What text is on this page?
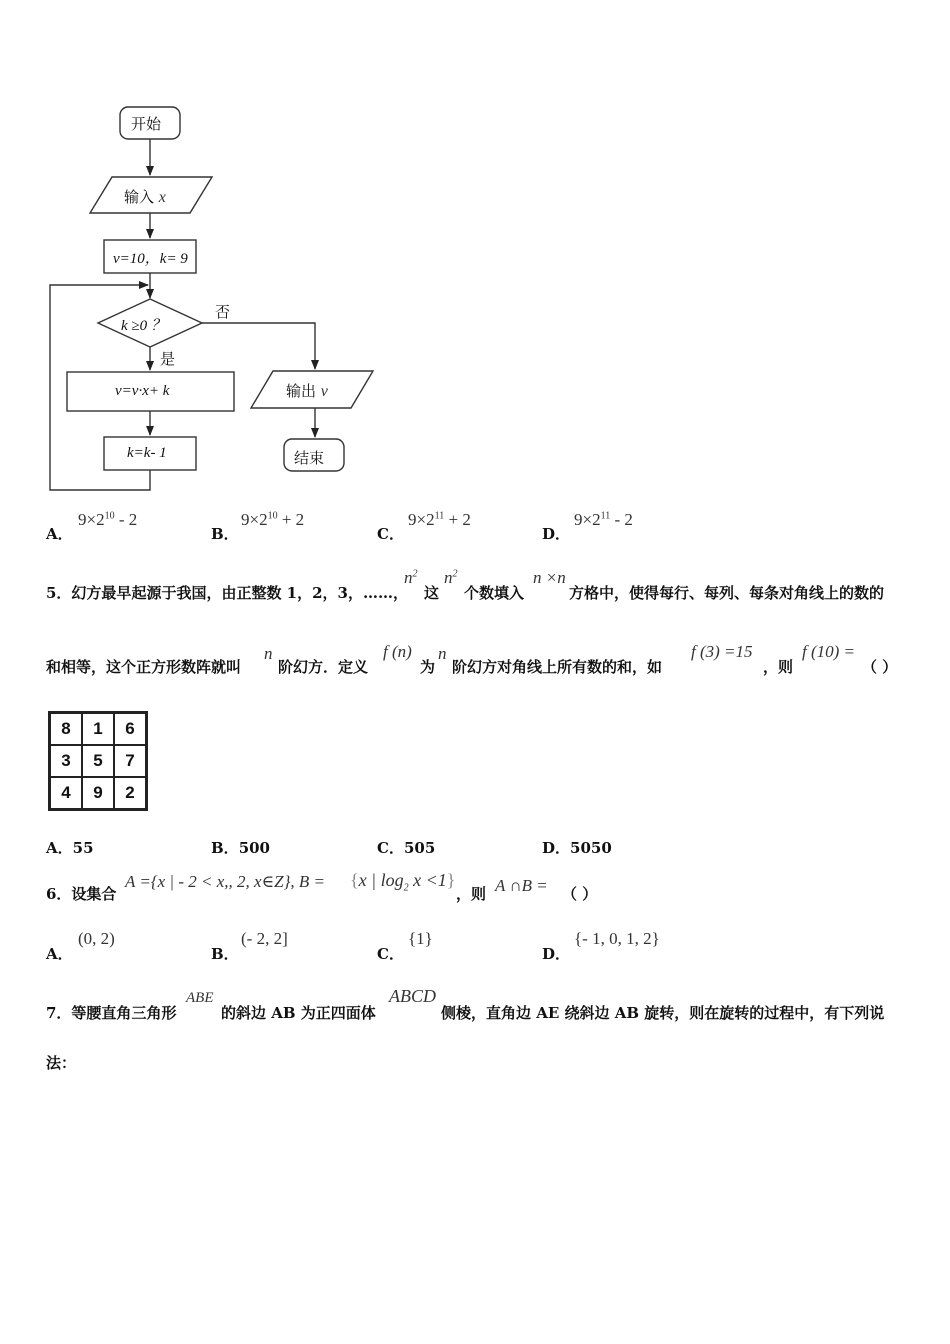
开始
输入 x
v=10，k= 9
k ≥0 ？
否
是
v=v·x+ k
k=k- 1
输出 v
结束
A．
$9\times 2^{10} - 2$
B．
$9\times 2^{10} + 2$
C．
$9\times 2^{11} + 2$
D．
$9\times 2^{11} - 2$
5．幻方最早起源于我国，由正整数 1，2，3，……，
$n^2$
这
$n^2$
个数填入
n ×n
方格中，使得每行、每列、每条对角线上的数的
和相等，这个正方形数阵就叫
n
阶幻方．定义
f (n)
为
n
阶幻方对角线上所有数的和，如
f (3) =15
，则
f (10) =
（ ）
8	1	6
3	5	7
4	9	2
A．55	B．500	C．505	D．5050
6．设集合
A ={x | - 2 < x,, 2, x∈Z}, B = {x | $\log_2 x <1$}
，则 A ∩B = （ ）
A．
(0, 2)
B．
(- 2, 2]
C．
{1}
D．
{- 1, 0, 1, 2}
7．等腰直角三角形
ABE
的斜边 AB 为正四面体
ABCD
侧棱，直角边 AE 绕斜边 AB 旋转，则在旋转的过程中，有下列说
法：
